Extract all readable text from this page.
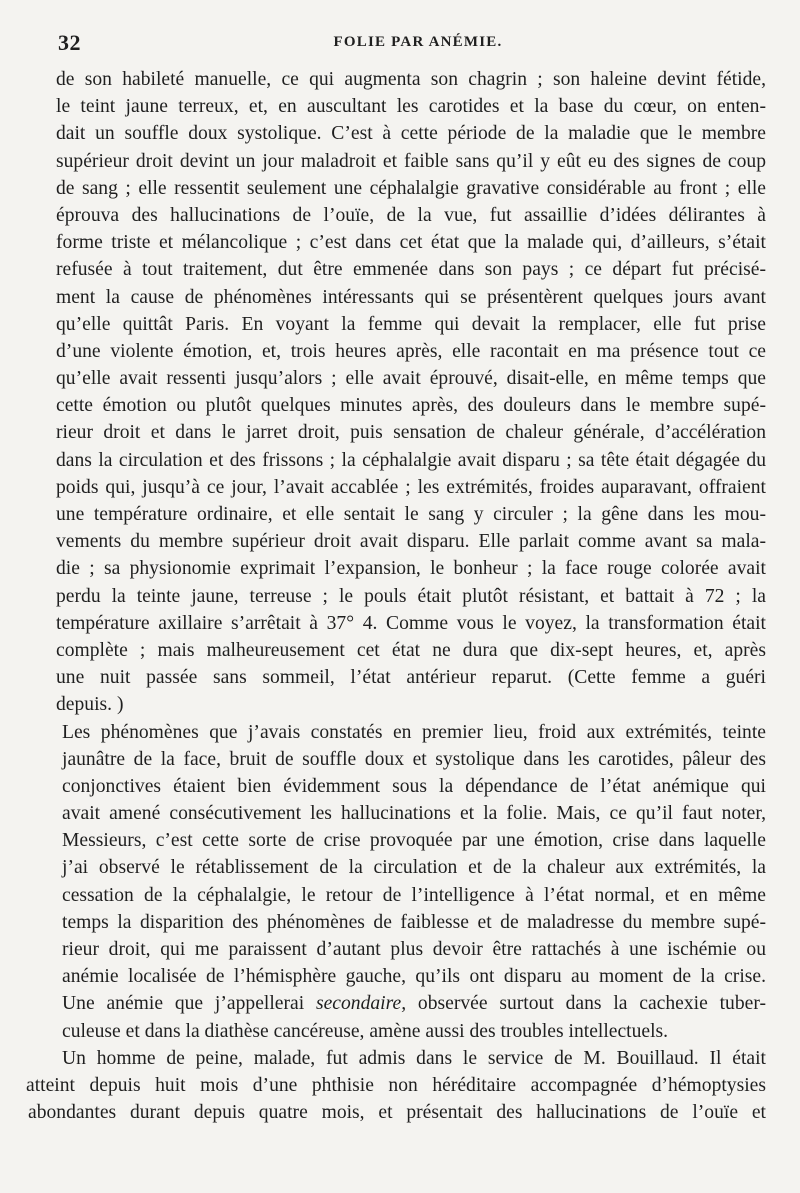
32	FOLIE PAR ANÉMIE.
de son habileté manuelle, ce qui augmenta son chagrin ; son haleine devint fétide,
le teint jaune terreux, et, en auscultant les carotides et la base du cœur, on enten-
dait un souffle doux systolique. C’est à cette période de la maladie que le membre
supérieur droit devint un jour maladroit et faible sans qu’il y eût eu des signes de coup
de sang ; elle ressentit seulement une céphalalgie gravative considérable au front ; elle
éprouva des hallucinations de l’ouïe, de la vue, fut assaillie d’idées délirantes à
forme triste et mélancolique ; c’est dans cet état que la malade qui, d’ailleurs, s’était
refusée à tout traitement, dut être emmenée dans son pays ; ce départ fut précisé-
ment la cause de phénomènes intéressants qui se présentèrent quelques jours avant
qu’elle quittât Paris. En voyant la femme qui devait la remplacer, elle fut prise
d’une violente émotion, et, trois heures après, elle racontait en ma présence tout ce
qu’elle avait ressenti jusqu’alors ; elle avait éprouvé, disait-elle, en même temps que
cette émotion ou plutôt quelques minutes après, des douleurs dans le membre supé-
rieur droit et dans le jarret droit, puis sensation de chaleur générale, d’accélération
dans la circulation et des frissons ; la céphalalgie avait disparu ; sa tête était dégagée du
poids qui, jusqu’à ce jour, l’avait accablée ; les extrémités, froides auparavant, offraient
une température ordinaire, et elle sentait le sang y circuler ; la gêne dans les mou-
vements du membre supérieur droit avait disparu. Elle parlait comme avant sa mala-
die ; sa physionomie exprimait l’expansion, le bonheur ; la face rouge colorée avait
perdu la teinte jaune, terreuse ; le pouls était plutôt résistant, et battait à 72 ; la
température axillaire s’arrêtait à 37° 4. Comme vous le voyez, la transformation était
complète ; mais malheureusement cet état ne dura que dix-sept heures, et, après
une nuit passée sans sommeil, l’état antérieur reparut. (Cette femme a guéri
depuis. )
Les phénomènes que j’avais constatés en premier lieu, froid aux extrémités, teinte
jaunâtre de la face, bruit de souffle doux et systolique dans les carotides, pâleur des
conjonctives étaient bien évidemment sous la dépendance de l’état anémique qui
avait amené consécutivement les hallucinations et la folie. Mais, ce qu’il faut noter,
Messieurs, c’est cette sorte de crise provoquée par une émotion, crise dans laquelle
j’ai observé le rétablissement de la circulation et de la chaleur aux extrémités, la
cessation de la céphalalgie, le retour de l’intelligence à l’état normal, et en même
temps la disparition des phénomènes de faiblesse et de maladresse du membre supé-
rieur droit, qui me paraissent d’autant plus devoir être rattachés à une ischémie ou
anémie localisée de l’hémisphère gauche, qu’ils ont disparu au moment de la crise.
Une anémie que j’appellerai secondaire, observée surtout dans la cachexie tuber-
culeuse et dans la diathèse cancéreuse, amène aussi des troubles intellectuels.
Un homme de peine, malade, fut admis dans le service de M. Bouillaud. Il était
atteint depuis huit mois d’une phthisie non héréditaire accompagnée d’hémoptysies
abondantes durant depuis quatre mois, et présentait des hallucinations de l’ouïe et
